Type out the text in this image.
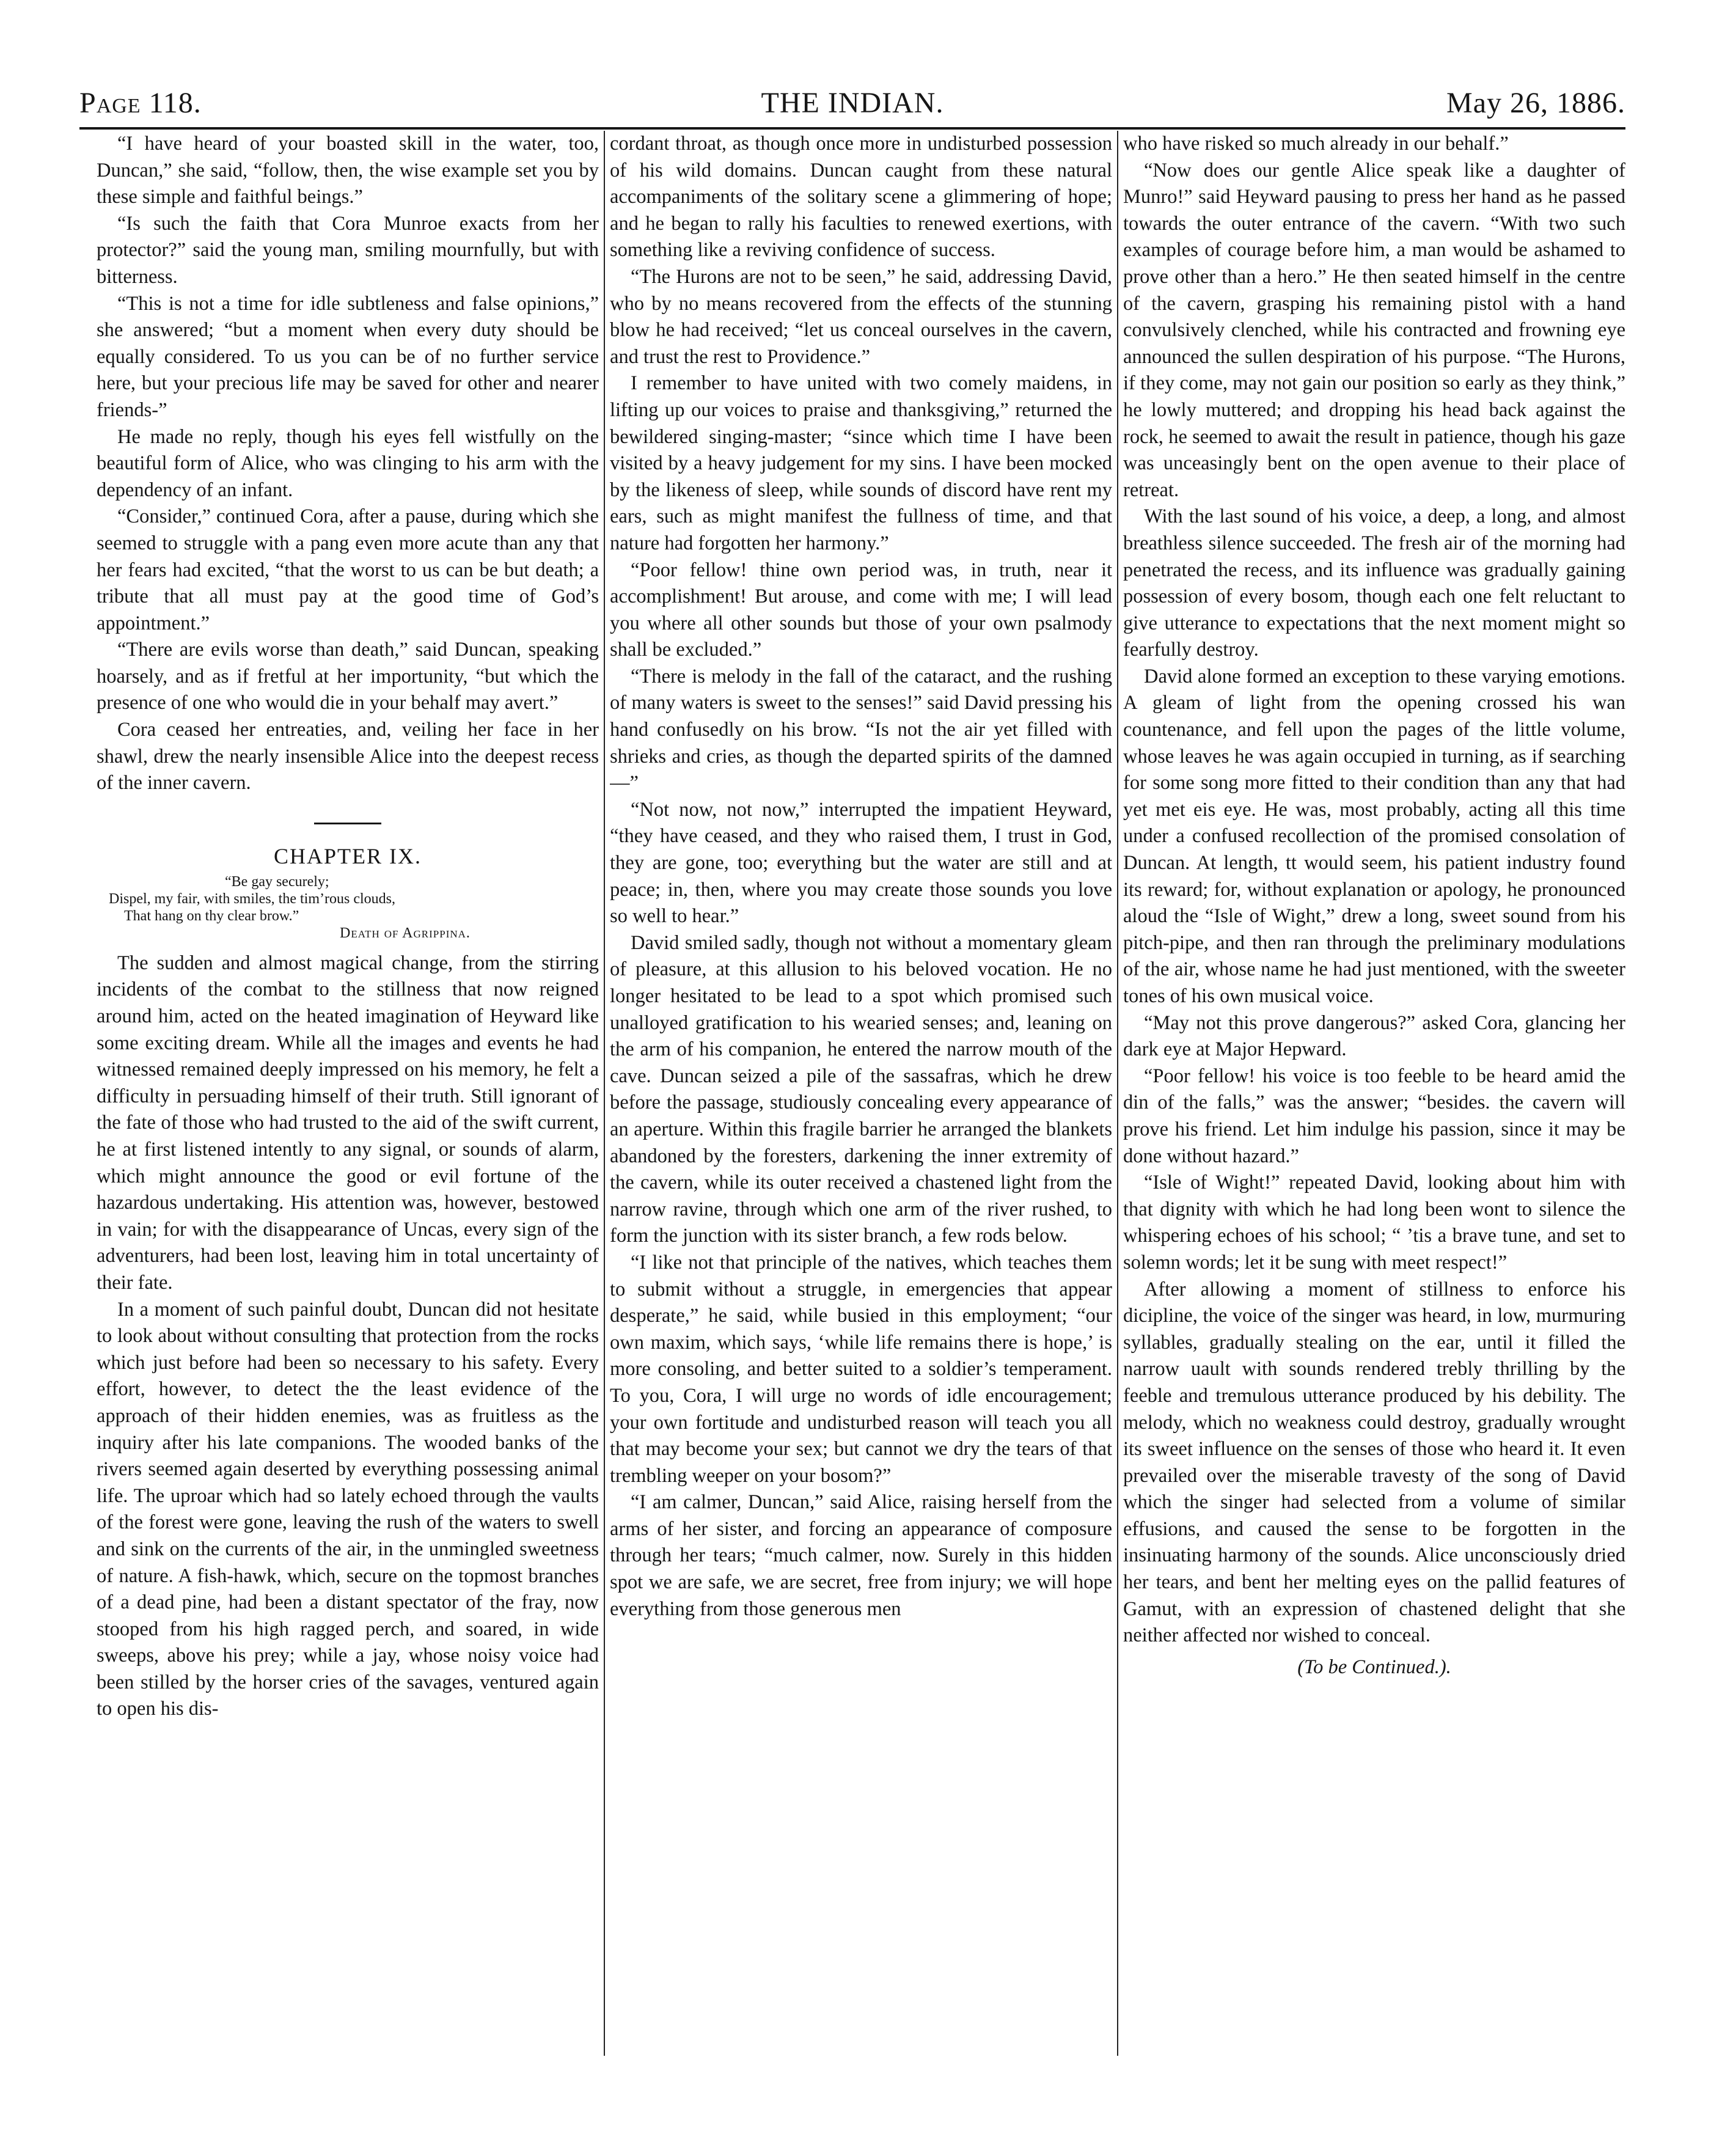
Page 118.	THE INDIAN.	May 26, 1886.

“I have heard of your boasted skill in the water, too, Duncan,” she said, “follow, then, the wise example set you by these simple and faithful beings.”

“Is such the faith that Cora Munroe exacts from her protector?” said the young man, smiling mournfully, but with bitterness.

“This is not a time for idle subtleness and false opinions,” she answered; “but a moment when every duty should be equally considered. To us you can be of no further service here, but your precious life may be saved for other and nearer friends-”

He made no reply, though his eyes fell wistfully on the beautiful form of Alice, who was clinging to his arm with the dependency of an infant.

“Consider,” continued Cora, after a pause, during which she seemed to struggle with a pang even more acute than any that her fears had excited, “that the worst to us can be but death; a tribute that all must pay at the good time of God’s appointment.”

“There are evils worse than death,” said Duncan, speaking hoarsely, and as if fretful at her importunity, “but which the presence of one who would die in your behalf may avert.”

Cora ceased her entreaties, and, veiling her face in her shawl, drew the nearly insensible Alice into the deepest recess of the inner cavern.

CHAPTER IX.
“Be gay securely;
Dispel, my fair, with smiles, the tim’rous clouds,
That hang on thy clear brow.”
Death of Agrippina.

The sudden and almost magical change, from the stirring incidents of the combat to the stillness that now reigned around him, acted on the heated imagination of Heyward like some exciting dream. While all the images and events he had witnessed remained deeply impressed on his memory, he felt a difficulty in persuading himself of their truth. Still ignorant of the fate of those who had trusted to the aid of the swift current, he at first listened intently to any signal, or sounds of alarm, which might announce the good or evil fortune of the hazardous undertaking. His attention was, however, bestowed in vain; for with the disappearance of Uncas, every sign of the adventurers, had been lost, leaving him in total uncertainty of their fate.

In a moment of such painful doubt, Duncan did not hesitate to look about without consulting that protection from the rocks which just before had been so necessary to his safety. Every effort, however, to detect the the least evidence of the approach of their hidden enemies, was as fruitless as the inquiry after his late companions. The wooded banks of the rivers seemed again deserted by everything possessing animal life. The uproar which had so lately echoed through the vaults of the forest were gone, leaving the rush of the waters to swell and sink on the currents of the air, in the unmingled sweetness of nature. A fish-hawk, which, secure on the topmost branches of a dead pine, had been a distant spectator of the fray, now stooped from his high ragged perch, and soared, in wide sweeps, above his prey; while a jay, whose noisy voice had been stilled by the horser cries of the savages, ventured again to open his dis-

cordant throat, as though once more in undisturbed possession of his wild domains. Duncan caught from these natural accompaniments of the solitary scene a glimmering of hope; and he began to rally his faculties to renewed exertions, with something like a reviving confidence of success.

“The Hurons are not to be seen,” he said, addressing David, who by no means recovered from the effects of the stunning blow he had received; “let us conceal ourselves in the cavern, and trust the rest to Providence.”

I remember to have united with two comely maidens, in lifting up our voices to praise and thanksgiving,” returned the bewildered singing-master; “since which time I have been visited by a heavy judgement for my sins. I have been mocked by the likeness of sleep, while sounds of discord have rent my ears, such as might manifest the fullness of time, and that nature had forgotten her harmony.”

“Poor fellow! thine own period was, in truth, near it accomplishment! But arouse, and come with me; I will lead you where all other sounds but those of your own psalmody shall be excluded.”

“There is melody in the fall of the cataract, and the rushing of many waters is sweet to the senses!” said David pressing his hand confusedly on his brow. “Is not the air yet filled with shrieks and cries, as though the departed spirits of the damned—”

“Not now, not now,” interrupted the impatient Heyward, “they have ceased, and they who raised them, I trust in God, they are gone, too; everything but the water are still and at peace; in, then, where you may create those sounds you love so well to hear.”

David smiled sadly, though not without a momentary gleam of pleasure, at this allusion to his beloved vocation. He no longer hesitated to be lead to a spot which promised such unalloyed gratification to his wearied senses; and, leaning on the arm of his companion, he entered the narrow mouth of the cave. Duncan seized a pile of the sassafras, which he drew before the passage, studiously concealing every appearance of an aperture. Within this fragile barrier he arranged the blankets abandoned by the foresters, darkening the inner extremity of the cavern, while its outer received a chastened light from the narrow ravine, through which one arm of the river rushed, to form the junction with its sister branch, a few rods below.

“I like not that principle of the natives, which teaches them to submit without a struggle, in emergencies that appear desperate,” he said, while busied in this employment; “our own maxim, which says, ‘while life remains there is hope,’ is more consoling, and better suited to a soldier’s temperament. To you, Cora, I will urge no words of idle encouragement; your own fortitude and undisturbed reason will teach you all that may become your sex; but cannot we dry the tears of that trembling weeper on your bosom?”

“I am calmer, Duncan,” said Alice, raising herself from the arms of her sister, and forcing an appearance of composure through her tears; “much calmer, now. Surely in this hidden spot we are safe, we are secret, free from injury; we will hope everything from those generous men

who have risked so much already in our behalf.”

“Now does our gentle Alice speak like a daughter of Munro!” said Heyward pausing to press her hand as he passed towards the outer entrance of the cavern. “With two such examples of courage before him, a man would be ashamed to prove other than a hero.” He then seated himself in the centre of the cavern, grasping his remaining pistol with a hand convulsively clenched, while his contracted and frowning eye announced the sullen despiration of his purpose. “The Hurons, if they come, may not gain our position so early as they think,” he lowly muttered; and dropping his head back against the rock, he seemed to await the result in patience, though his gaze was unceasingly bent on the open avenue to their place of retreat.

With the last sound of his voice, a deep, a long, and almost breathless silence succeeded. The fresh air of the morning had penetrated the recess, and its influence was gradually gaining possession of every bosom, though each one felt reluctant to give utterance to expectations that the next moment might so fearfully destroy.

David alone formed an exception to these varying emotions. A gleam of light from the opening crossed his wan countenance, and fell upon the pages of the little volume, whose leaves he was again occupied in turning, as if searching for some song more fitted to their condition than any that had yet met eis eye. He was, most probably, acting all this time under a confused recollection of the promised consolation of Duncan. At length, tt would seem, his patient industry found its reward; for, without explanation or apology, he pronounced aloud the “Isle of Wight,” drew a long, sweet sound from his pitch-pipe, and then ran through the preliminary modulations of the air, whose name he had just mentioned, with the sweeter tones of his own musical voice.

“May not this prove dangerous?” asked Cora, glancing her dark eye at Major Hepward.

“Poor fellow! his voice is too feeble to be heard amid the din of the falls,” was the answer; “besides. the cavern will prove his friend. Let him indulge his passion, since it may be done without hazard.”

“Isle of Wight!” repeated David, looking about him with that dignity with which he had long been wont to silence the whispering echoes of his school; “ ’tis a brave tune, and set to solemn words; let it be sung with meet respect!”

After allowing a moment of stillness to enforce his dicipline, the voice of the singer was heard, in low, murmuring syllables, gradually stealing on the ear, until it filled the narrow uault with sounds rendered trebly thrilling by the feeble and tremulous utterance produced by his debility. The melody, which no weakness could destroy, gradually wrought its sweet influence on the senses of those who heard it. It even prevailed over the miserable travesty of the song of David which the singer had selected from a volume of similar effusions, and caused the sense to be forgotten in the insinuating harmony of the sounds. Alice unconsciously dried her tears, and bent her melting eyes on the pallid features of Gamut, with an expression of chastened delight that she neither affected nor wished to conceal.

(To be Continued.).
